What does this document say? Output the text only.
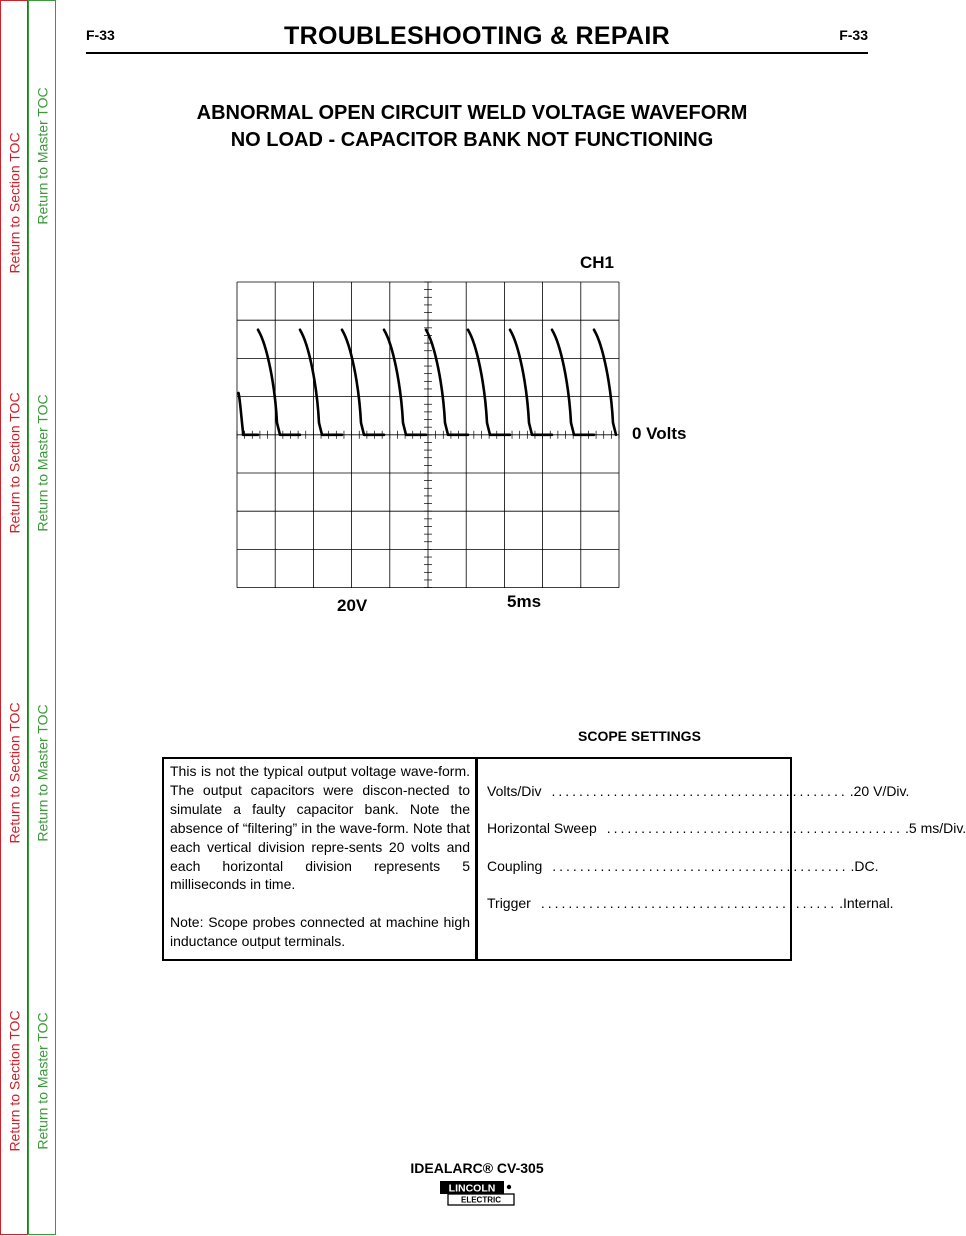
Return to Section TOC
Return to Section TOC
Return to Section TOC
Return to Section TOC
Return to Master TOC
Return to Master TOC
Return to Master TOC
Return to Master TOC
F-33	TROUBLESHOOTING & REPAIR	F-33
ABNORMAL OPEN CIRCUIT WELD VOLTAGE WAVEFORM
NO LOAD - CAPACITOR BANK NOT FUNCTIONING
CH1
0 Volts
20V	5ms
SCOPE SETTINGS

This is not the typical output voltage wave-form. The output capacitors were discon-nected to simulate a faulty capacitor bank. Note the absence of “filtering” in the wave-form. Note that each vertical division repre-sents 20 volts and each horizontal division represents 5 milliseconds in time.

Note: Scope probes connected at machine high inductance output terminals.

Volts/Div ........................................... .20 V/Div.
Horizontal Sweep ........................................... .5 ms/Div.
Coupling ........................................... .DC.
Trigger ........................................... .Internal.
IDEALARC® CV-305
LINCOLN
ELECTRIC
